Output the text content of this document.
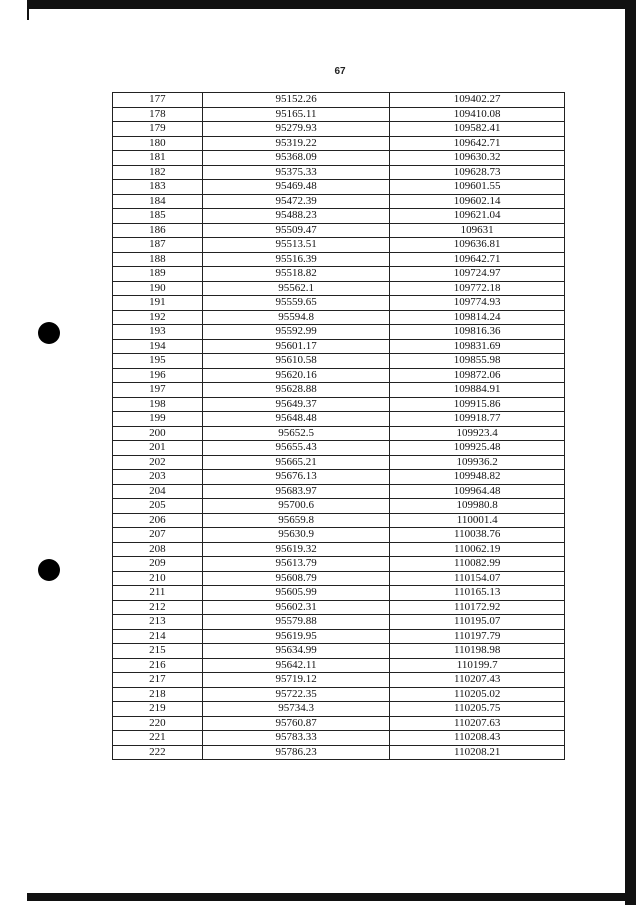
67
177	95152.26	109402.27
178	95165.11	109410.08
179	95279.93	109582.41
180	95319.22	109642.71
181	95368.09	109630.32
182	95375.33	109628.73
183	95469.48	109601.55
184	95472.39	109602.14
185	95488.23	109621.04
186	95509.47	109631
187	95513.51	109636.81
188	95516.39	109642.71
189	95518.82	109724.97
190	95562.1	109772.18
191	95559.65	109774.93
192	95594.8	109814.24
193	95592.99	109816.36
194	95601.17	109831.69
195	95610.58	109855.98
196	95620.16	109872.06
197	95628.88	109884.91
198	95649.37	109915.86
199	95648.48	109918.77
200	95652.5	109923.4
201	95655.43	109925.48
202	95665.21	109936.2
203	95676.13	109948.82
204	95683.97	109964.48
205	95700.6	109980.8
206	95659.8	110001.4
207	95630.9	110038.76
208	95619.32	110062.19
209	95613.79	110082.99
210	95608.79	110154.07
211	95605.99	110165.13
212	95602.31	110172.92
213	95579.88	110195.07
214	95619.95	110197.79
215	95634.99	110198.98
216	95642.11	110199.7
217	95719.12	110207.43
218	95722.35	110205.02
219	95734.3	110205.75
220	95760.87	110207.63
221	95783.33	110208.43
222	95786.23	110208.21
